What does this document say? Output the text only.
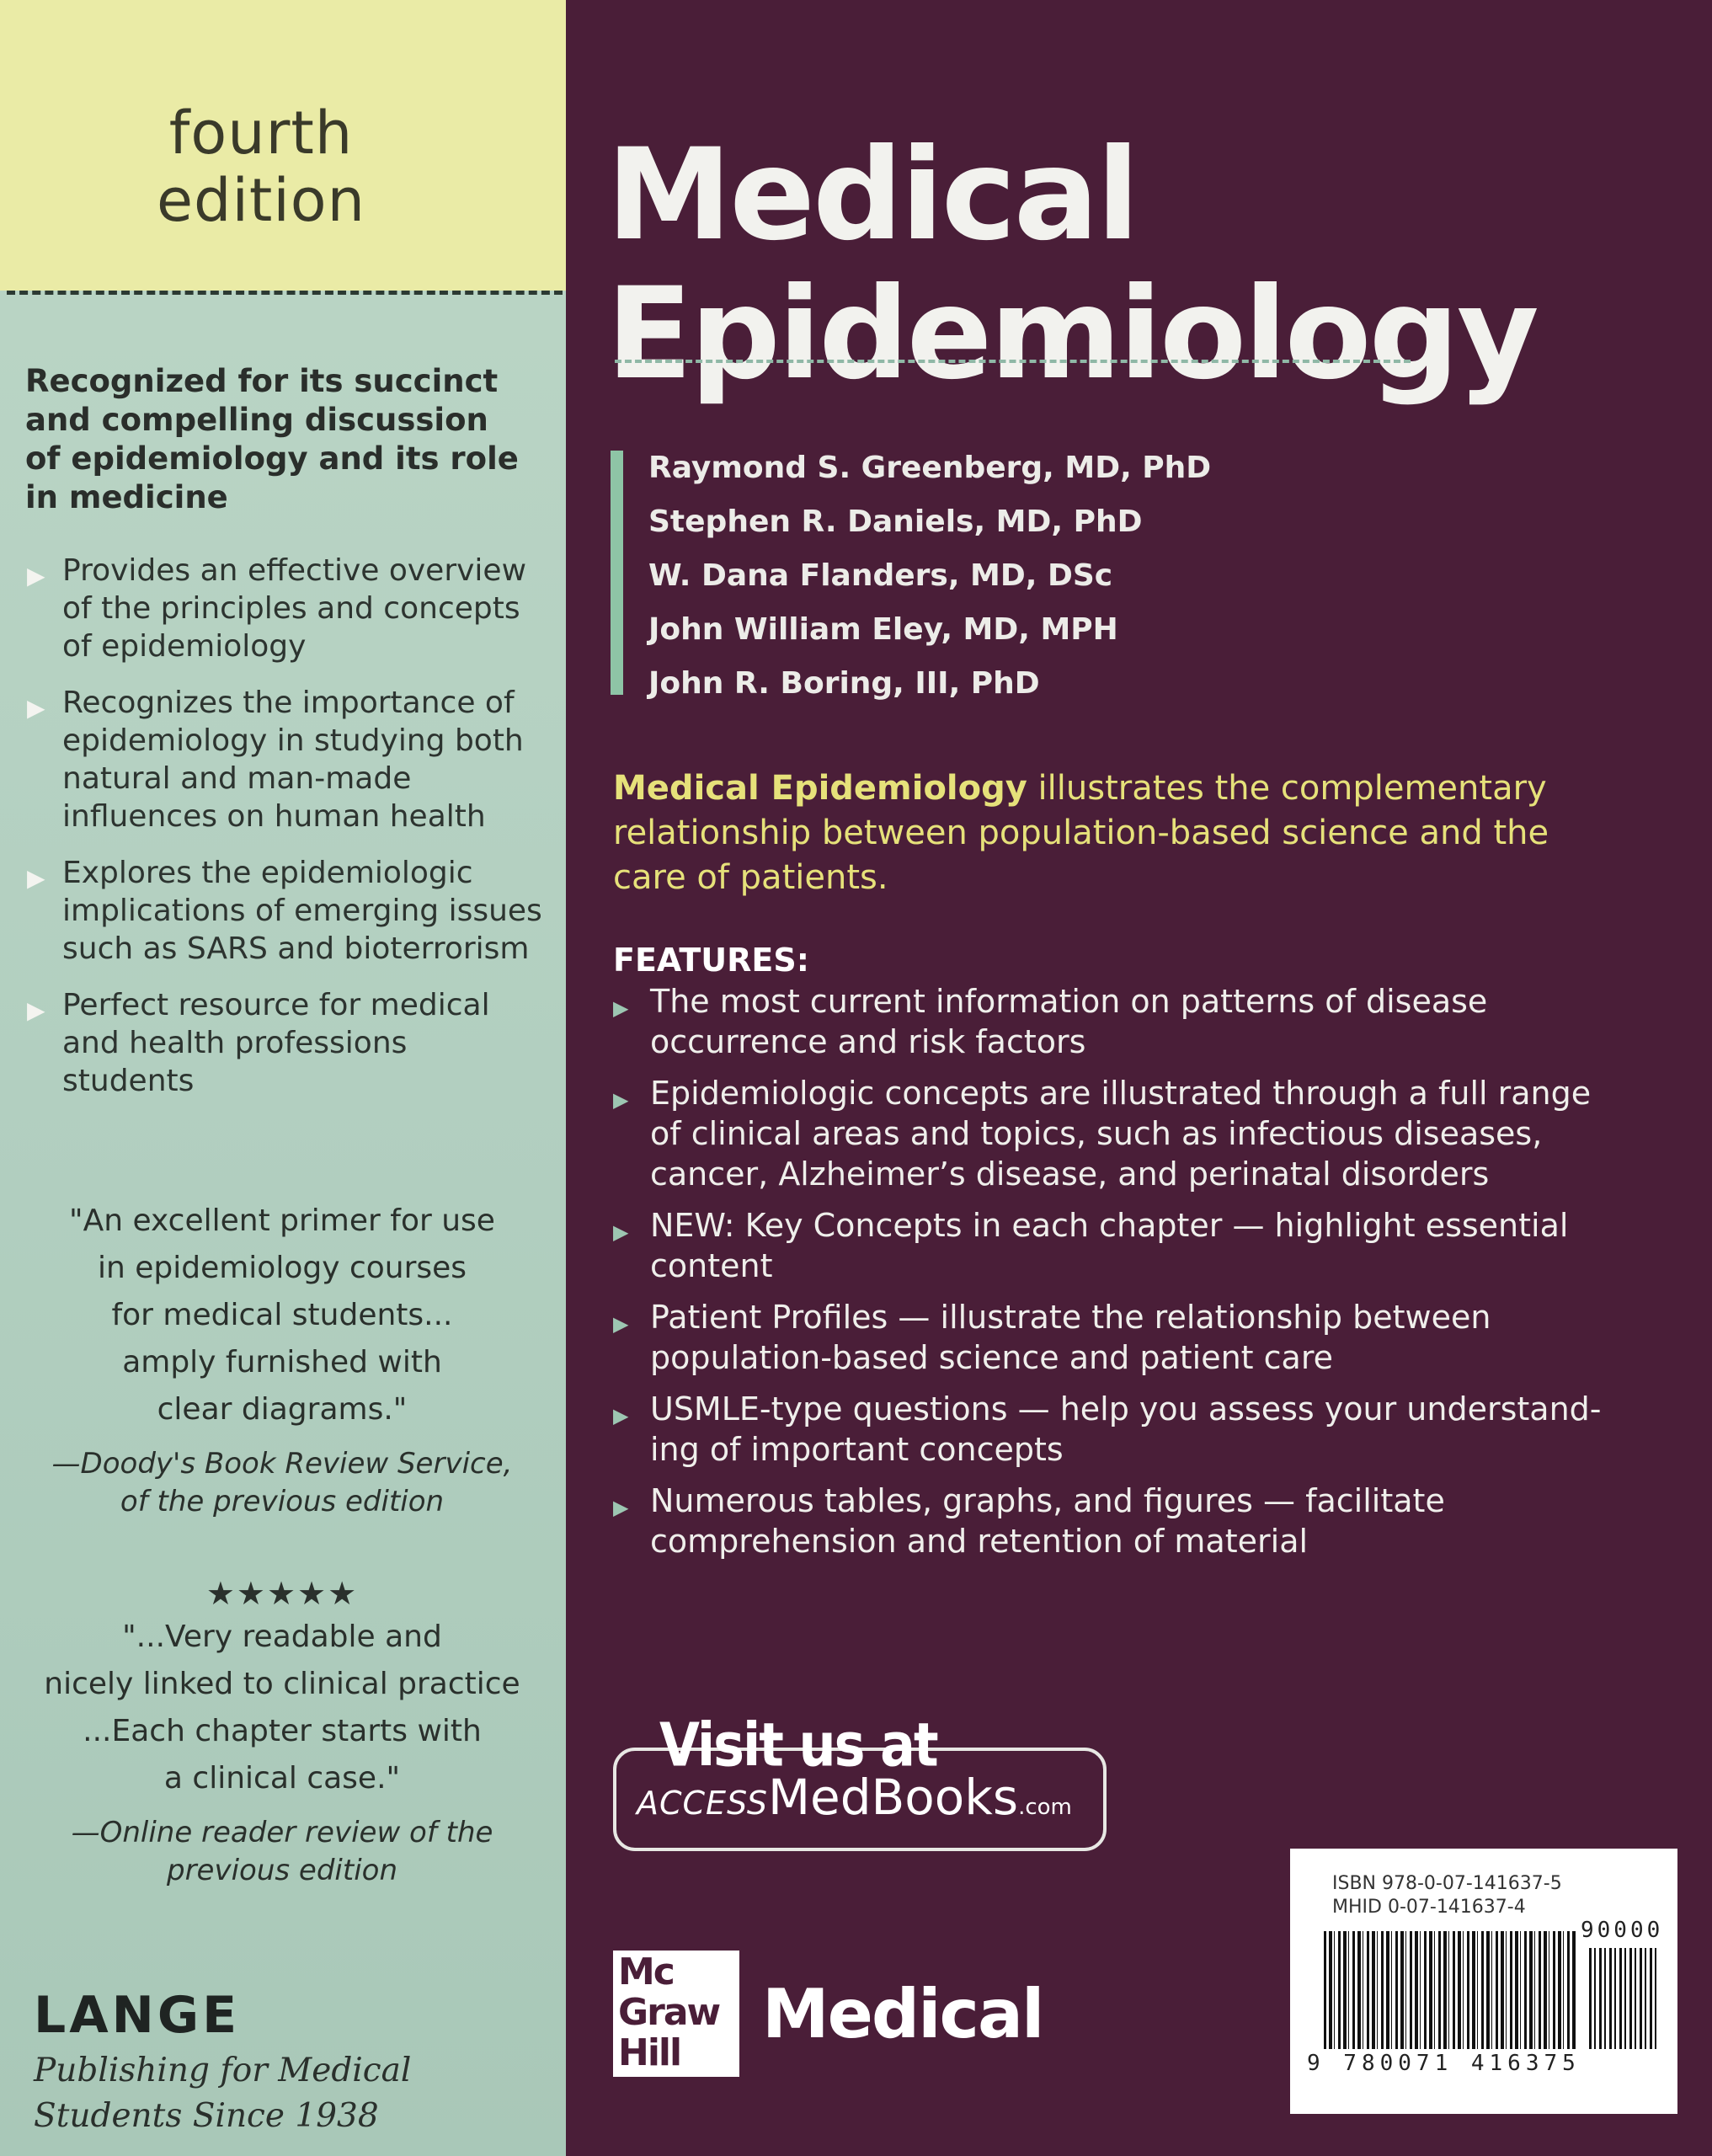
fourth
edition
Recognized for its succinct and compelling discussion of epidemiology and its role in medicine
▶ Provides an effective overview of the principles and concepts of epidemiology
▶ Recognizes the importance of epidemiology in studying both natural and man-made influences on human health
▶ Explores the epidemiologic implications of emerging issues such as SARS and bioterrorism
▶ Perfect resource for medical and health professions students
"An excellent primer for use
in epidemiology courses
for medical students...
amply furnished with
clear diagrams."
—Doody's Book Review Service,
of the previous edition
★★★★★
"...Very readable and
nicely linked to clinical practice
...Each chapter starts with
a clinical case."
—Online reader review of the
previous edition
LANGE
Publishing for Medical
Students Since 1938
Medical
Epidemiology
Raymond S. Greenberg, MD, PhD
Stephen R. Daniels, MD, PhD
W. Dana Flanders, MD, DSc
John William Eley, MD, MPH
John R. Boring, III, PhD
Medical Epidemiology illustrates the complementary relationship between population-based science and the care of patients.
FEATURES:
▶ The most current information on patterns of disease occurrence and risk factors
▶ Epidemiologic concepts are illustrated through a full range of clinical areas and topics, such as infectious diseases, cancer, Alzheimer’s disease, and perinatal disorders
▶ NEW: Key Concepts in each chapter — highlight essential content
▶ Patient Profiles — illustrate the relationship between population-based science and patient care
▶ USMLE-type questions — help you assess your understand-ing of important concepts
▶ Numerous tables, graphs, and figures — facilitate comprehension and retention of material
Visit us at
ACCESSMedBooks.com
Mc
Graw
Hill Medical
ISBN 978-0-07-141637-5
MHID 0-07-141637-4
90000
9 780071 416375
